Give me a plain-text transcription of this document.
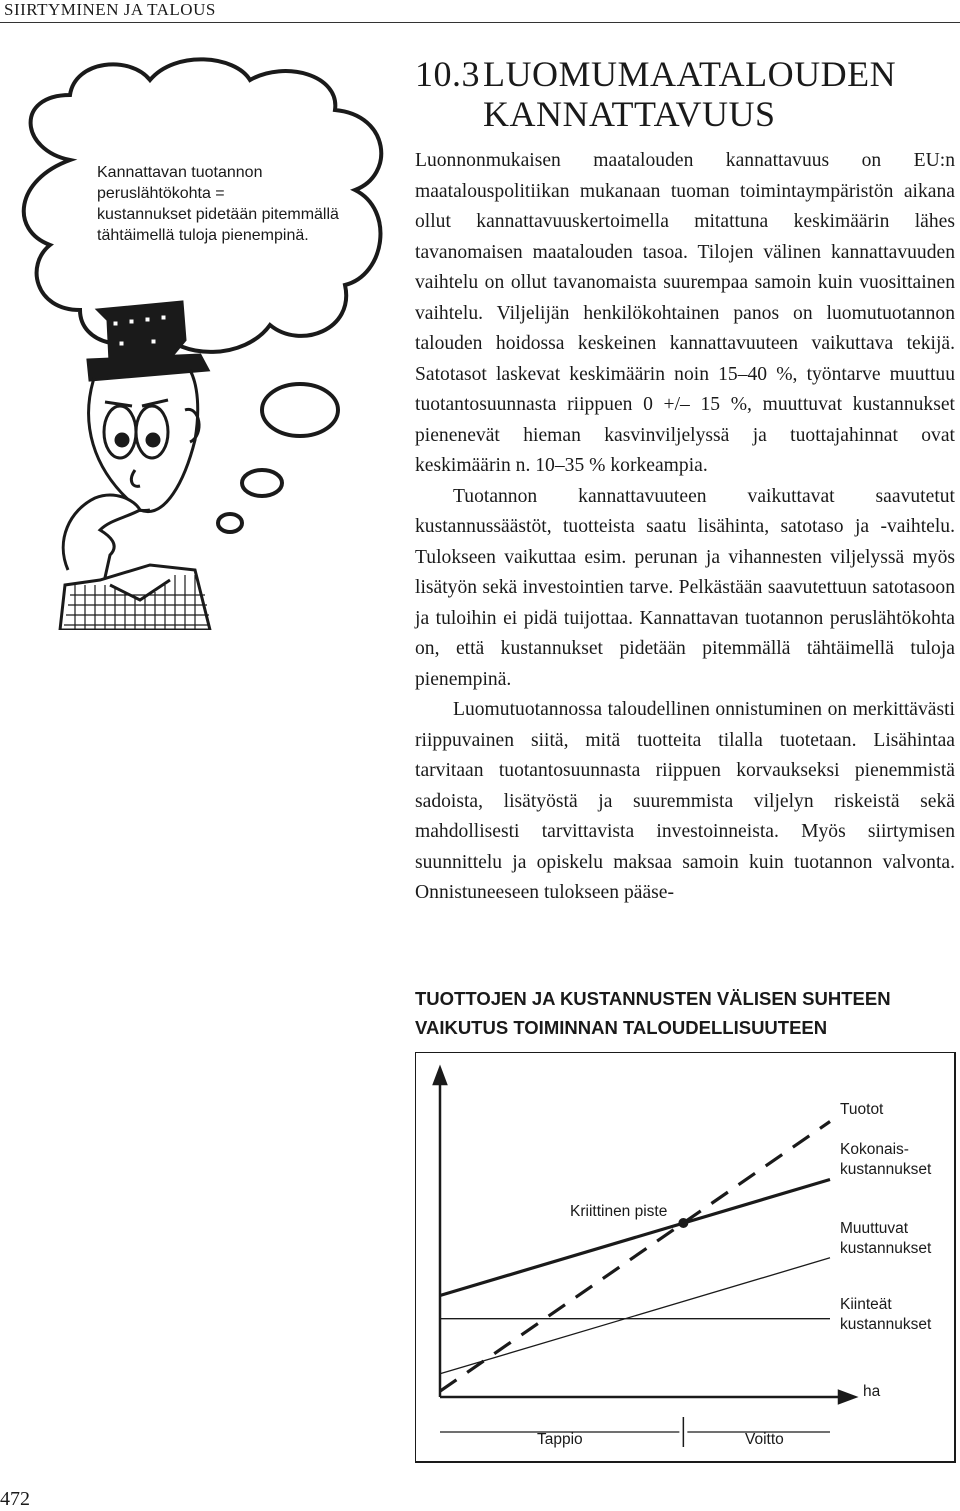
SIIRTYMINEN JA TALOUS
Kannattavan tuotannon
peruslähtökohta =
kustannukset pidetään pitemmällä
tähtäimellä tuloja pienempinä.
10.3LUOMUMAATALOUDEN
KANNATTAVUUS

Luonnonmukaisen maatalouden kannattavuus on EU:n maatalouspolitiikan mukanaan tuoman toimintaympäristön aikana ollut kannattavuuskertoimella mitattuna keskimäärin lähes tavanomaisen maatalouden tasoa. Tilojen välinen kannattavuuden vaihtelu on ollut tavanomaista suurempaa samoin kuin vuosittainen vaihtelu. Viljelijän henkilökohtainen panos on luomutuotannon talouden hoidossa keskeinen kannattavuuteen vaikuttava tekijä. Satotasot laskevat keskimäärin noin 15–40 %, työntarve muuttuu tuotantosuunnasta riippuen 0 +/– 15 %, muuttuvat kustannukset pienenevät hieman kasvinviljelyssä ja tuottajahinnat ovat keskimäärin n. 10–35 % korkeampia.

Tuotannon kannattavuuteen vaikuttavat saavutetut kustannussäästöt, tuotteista saatu lisähinta, satotaso ja -vaihtelu. Tulokseen vaikuttaa esim. perunan ja vihannesten viljelyssä myös lisätyön sekä investointien tarve. Pelkästään saavutettuun satotasoon ja tuloihin ei pidä tuijottaa. Kannattavan tuotannon peruslähtökohta on, että kustannukset pidetään pitemmällä tähtäimellä tuloja pienempinä.

Luomutuotannossa taloudellinen onnistuminen on merkittävästi riippuvainen siitä, mitä tuotteita tilalla tuotetaan. Lisähintaa tarvitaan tuotantosuunnasta riippuen korvaukseksi pienemmistä sadoista, lisätyöstä ja suuremmista viljelyn riskeistä sekä mahdollisesti tarvittavista investoinneista. Myös siirtymisen suunnittelu ja opiskelu maksaa samoin kuin tuotannon valvonta. Onnistuneeseen tulokseen pääse-

TUOTTOJEN JA KUSTANNUSTEN VÄLISEN SUHTEEN
VAIKUTUS TOIMINNAN TALOUDELLISUUTEEN
Tuotot
Kokonais-
kustannukset
Muuttuvat
kustannukset
Kiinteät
kustannukset
Kriittinen piste
ha
Tappio	Voitto
472
